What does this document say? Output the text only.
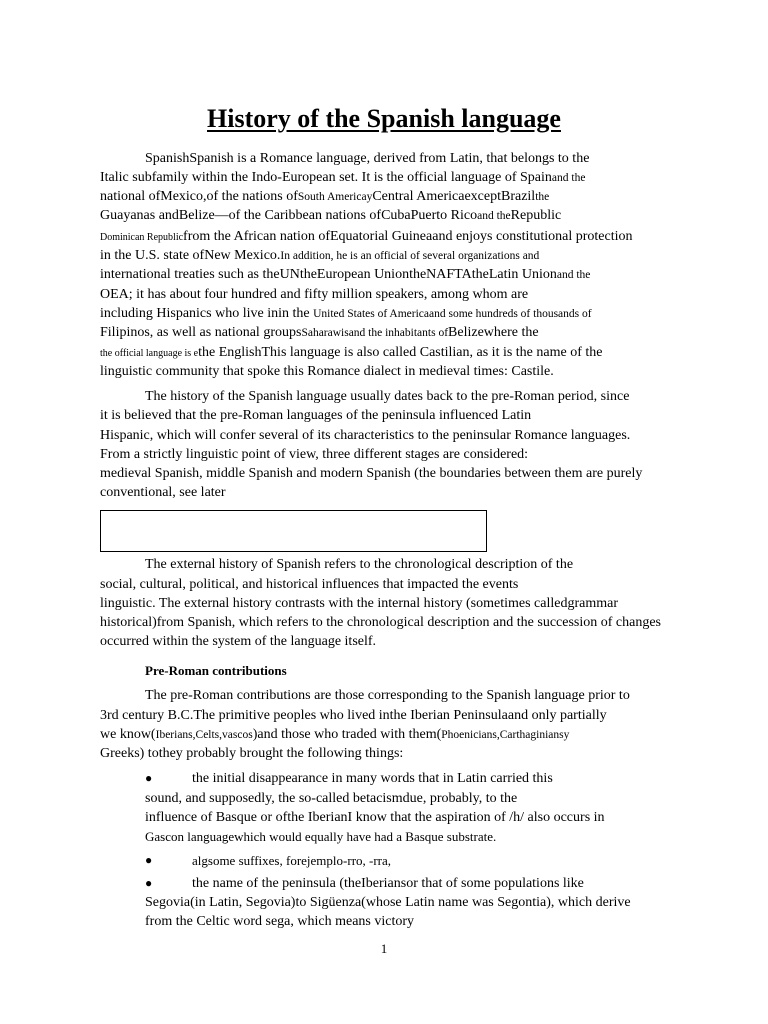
History of the Spanish language
SpanishSpanish is a Romance language, derived from Latin, that belongs to the
Italic subfamily within the Indo-European set. It is the official language of Spainand the
national ofMexico,of the nations ofSouth AmericayCentral AmericaexceptBrazilthe
Guayanas andBelize—of the Caribbean nations ofCubaPuerto Ricoand theRepublic
Dominican Republicfrom the African nation ofEquatorial Guineaand enjoys constitutional protection
in the U.S. state ofNew Mexico.In addition, he is an official of several organizations and
international treaties such as theUNtheEuropean UniontheNAFTAtheLatin Unionand the
OEA; it has about four hundred and fifty million speakers, among whom are
including Hispanics who live inin the United States of Americaand some hundreds of thousands of
Filipinos, as well as national groupsSaharawisand the inhabitants ofBelizewhere the
the official language is ethe EnglishThis language is also called Castilian, as it is the name of the
linguistic community that spoke this Romance dialect in medieval times: Castile.
The history of the Spanish language usually dates back to the pre-Roman period, since
it is believed that the pre-Roman languages of the peninsula influenced Latin
Hispanic, which will confer several of its characteristics to the peninsular Romance languages.
From a strictly linguistic point of view, three different stages are considered:
medieval Spanish, middle Spanish and modern Spanish (the boundaries between them are purely
conventional, see later
The external history of Spanish refers to the chronological description of the
social, cultural, political, and historical influences that impacted the events
linguistic. The external history contrasts with the internal history (sometimes calledgrammar
historical)from Spanish, which refers to the chronological description and the succession of changes
occurred within the system of the language itself.
Pre-Roman contributions
The pre-Roman contributions are those corresponding to the Spanish language prior to
3rd century B.C.The primitive peoples who lived inthe Iberian Peninsulaand only partially
we know(Iberians,Celts,vascos)and those who traded with them(Phoenicians,Carthaginiansy
Greeks) tothey probably brought the following things:
●	the initial disappearance in many words that in Latin carried this
sound, and supposedly, the so-called betacismdue, probably, to the
influence of Basque or ofthe IberianI know that the aspiration of /h/ also occurs in
Gascon languagewhich would equally have had a Basque substrate.
●	algsome suffixes, forejemplo-rro, -rra,
●	the name of the peninsula (theIberiansor that of some populations like
Segovia(in Latin, Segovia)to Sigüenza(whose Latin name was Segontia), which derive
from the Celtic word sega, which means victory
1
